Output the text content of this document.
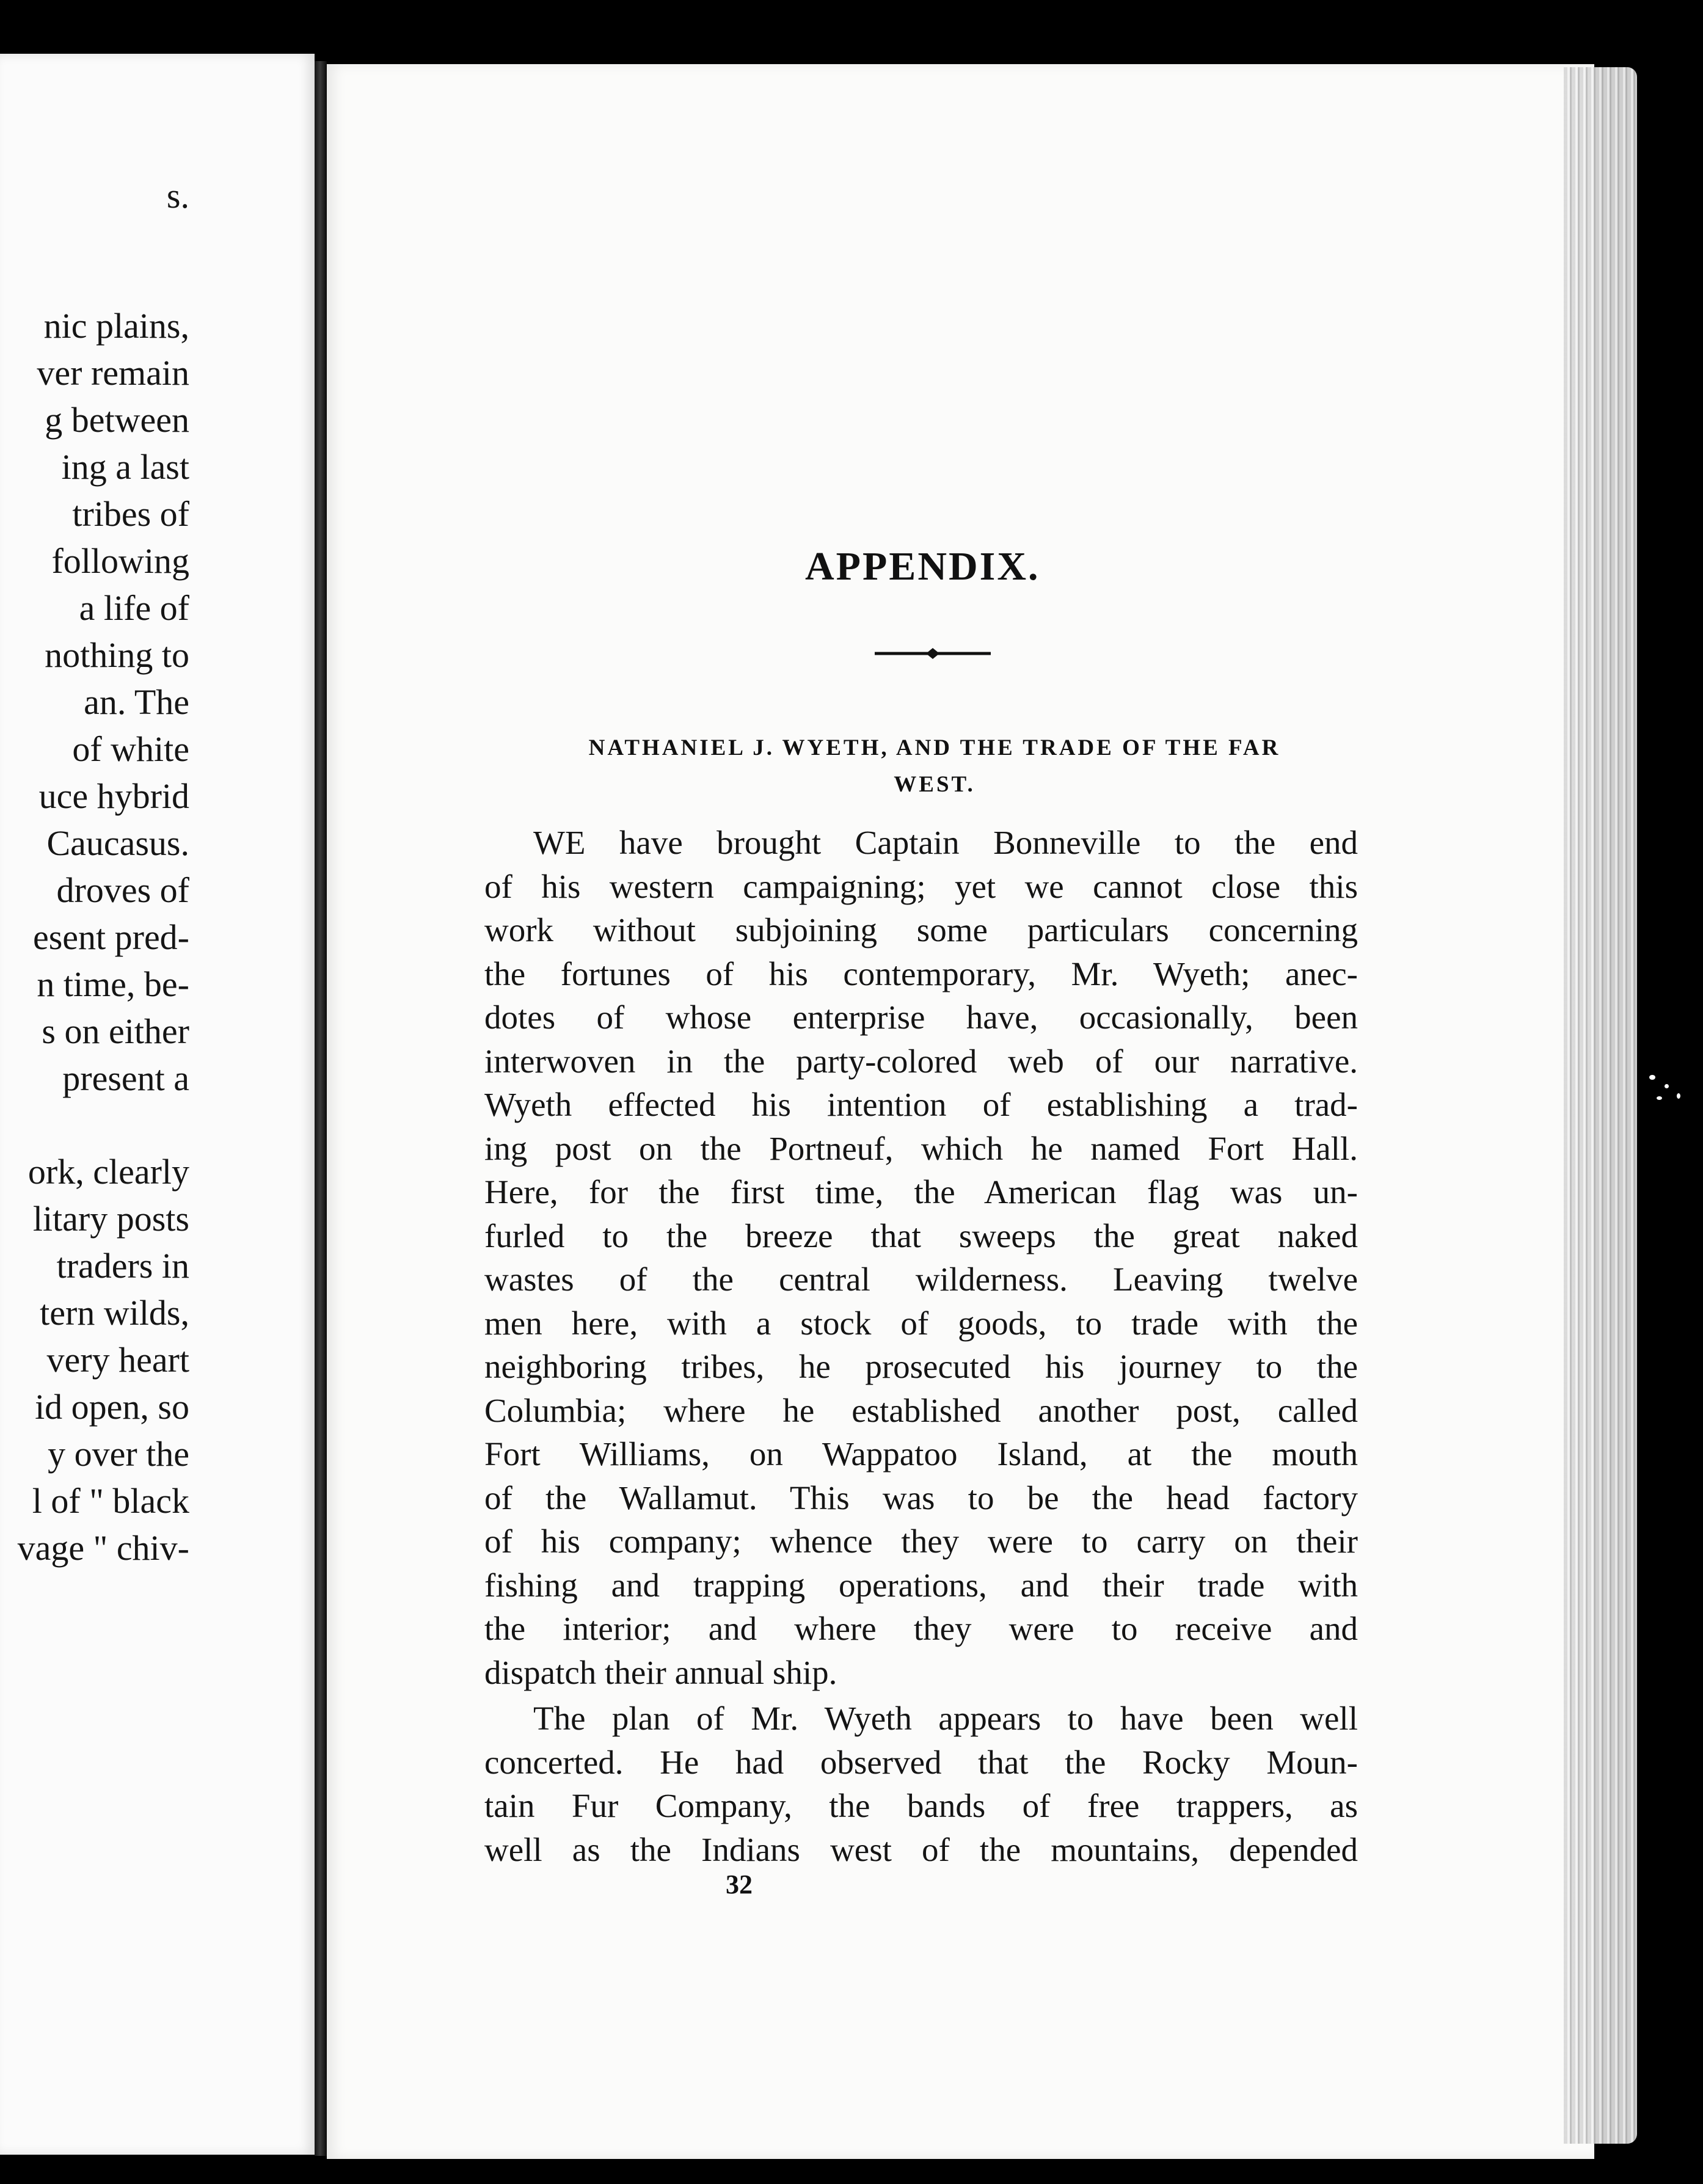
s.
nic plains,
ver remain
g between
ing a last
tribes of
following
a life of
nothing to
an. The
of white
uce hybrid
Caucasus.
droves of
esent pred-
n time, be-
s on either
present a
ork, clearly
litary posts
traders in
tern wilds,
very heart
id open, so
y over the
l of " black
vage " chiv-
APPENDIX.
NATHANIEL J. WYETH, AND THE TRADE OF THE FAR
WEST.
WE have brought Captain Bonneville to the end
of his western campaigning; yet we cannot close this
work without subjoining some particulars concerning
the fortunes of his contemporary, Mr. Wyeth; anec-
dotes of whose enterprise have, occasionally, been
interwoven in the party-colored web of our narrative.
Wyeth effected his intention of establishing a trad-
ing post on the Portneuf, which he named Fort Hall.
Here, for the first time, the American flag was un-
furled to the breeze that sweeps the great naked
wastes of the central wilderness. Leaving twelve
men here, with a stock of goods, to trade with the
neighboring tribes, he prosecuted his journey to the
Columbia; where he established another post, called
Fort Williams, on Wappatoo Island, at the mouth
of the Wallamut. This was to be the head factory
of his company; whence they were to carry on their
fishing and trapping operations, and their trade with
the interior; and where they were to receive and
dispatch their annual ship.
The plan of Mr. Wyeth appears to have been well
concerted. He had observed that the Rocky Moun-
tain Fur Company, the bands of free trappers, as
well as the Indians west of the mountains, depended
32
